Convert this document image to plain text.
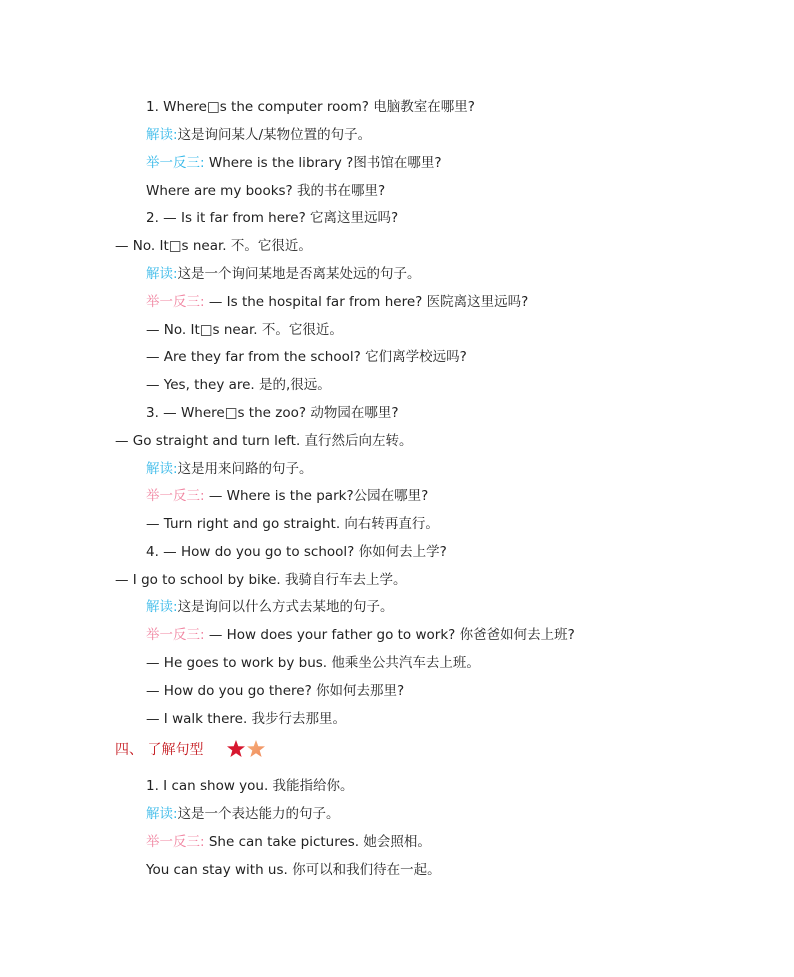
1. Where□s the computer room? 电脑教室在哪里?
解读:这是询问某人/某物位置的句子。
举一反三: Where is the library ?图书馆在哪里?
Where are my books? 我的书在哪里?
2. — Is it far from here? 它离这里远吗?
— No. It□s near. 不。它很近。
解读:这是一个询问某地是否离某处远的句子。
举一反三: — Is the hospital far from here? 医院离这里远吗?
— No. It□s near. 不。它很近。
— Are they far from the school? 它们离学校远吗?
— Yes, they are. 是的,很远。
3. — Where□s the zoo? 动物园在哪里?
— Go straight and turn left. 直行然后向左转。
解读:这是用来问路的句子。
举一反三: — Where is the park?公园在哪里?
— Turn right and go straight. 向右转再直行。
4. — How do you go to school? 你如何去上学?
— I go to school by bike. 我骑自行车去上学。
解读:这是询问以什么方式去某地的句子。
举一反三: — How does your father go to work? 你爸爸如何去上班?
— He goes to work by bus. 他乘坐公共汽车去上班。
— How do you go there? 你如何去那里?
— I walk there. 我步行去那里。
四、 了解句型
1. I can show you. 我能指给你。
解读:这是一个表达能力的句子。
举一反三: She can take pictures. 她会照相。
You can stay with us. 你可以和我们待在一起。
